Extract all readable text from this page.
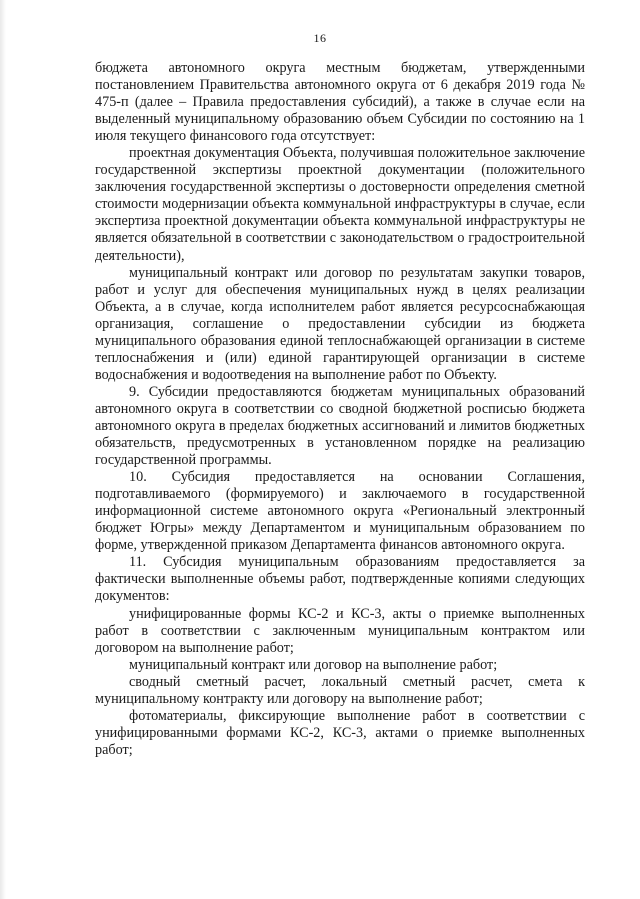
16

бюджета автономного округа местным бюджетам, утвержденными постановлением Правительства автономного округа от 6 декабря 2019 года № 475-п (далее – Правила предоставления субсидий), а также в случае если на выделенный муниципальному образованию объем Субсидии по состоянию на 1 июля текущего финансового года отсутствует:

проектная документация Объекта, получившая положительное заключение государственной экспертизы проектной документации (положительного заключения государственной экспертизы о достоверности определения сметной стоимости модернизации объекта коммунальной инфраструктуры в случае, если экспертиза проектной документации объекта коммунальной инфраструктуры не является обязательной в соответствии с законодательством о градостроительной деятельности),

муниципальный контракт или договор по результатам закупки товаров, работ и услуг для обеспечения муниципальных нужд в целях реализации Объекта, а в случае, когда исполнителем работ является ресурсоснабжающая организация, соглашение о предоставлении субсидии из бюджета муниципального образования единой теплоснабжающей организации в системе теплоснабжения и (или) единой гарантирующей организации в системе водоснабжения и водоотведения на выполнение работ по Объекту.

9. Субсидии предоставляются бюджетам муниципальных образований автономного округа в соответствии со сводной бюджетной росписью бюджета автономного округа в пределах бюджетных ассигнований и лимитов бюджетных обязательств, предусмотренных в установленном порядке на реализацию государственной программы.

10. Субсидия предоставляется на основании Соглашения, подготавливаемого (формируемого) и заключаемого в государственной информационной системе автономного округа «Региональный электронный бюджет Югры» между Департаментом и муниципальным образованием по форме, утвержденной приказом Департамента финансов автономного округа.

11. Субсидия муниципальным образованиям предоставляется за фактически выполненные объемы работ, подтвержденные копиями следующих документов:

унифицированные формы КС-2 и КС-3, акты о приемке выполненных работ в соответствии с заключенным муниципальным контрактом или договором на выполнение работ;

муниципальный контракт или договор на выполнение работ;

сводный сметный расчет, локальный сметный расчет, смета к муниципальному контракту или договору на выполнение работ;

фотоматериалы, фиксирующие выполнение работ в соответствии с унифицированными формами КС-2, КС-3, актами о приемке выполненных работ;
